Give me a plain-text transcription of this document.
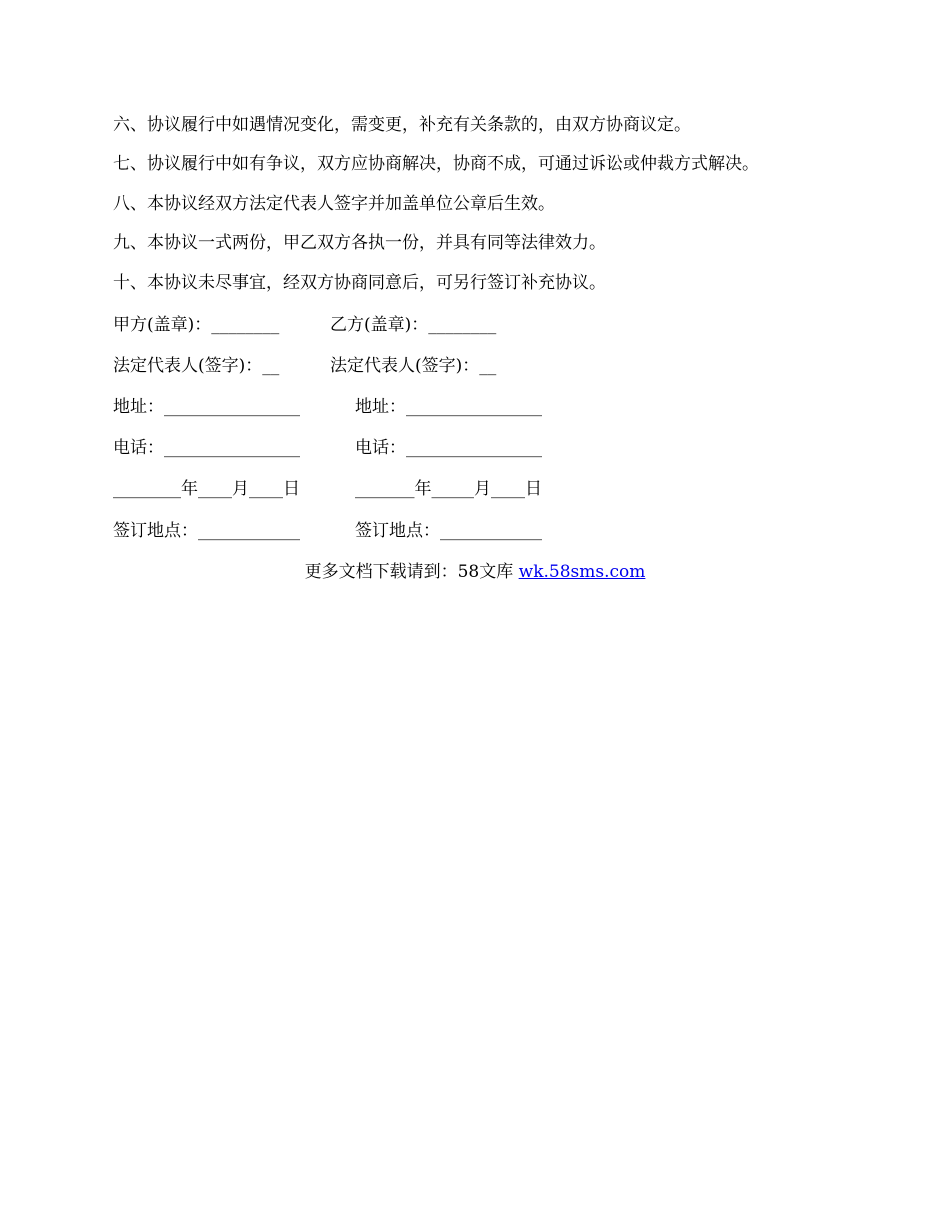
六、协议履行中如遇情况变化，需变更，补充有关条款的，由双方协商议定。
七、协议履行中如有争议，双方应协商解决，协商不成，可通过诉讼或仲裁方式解决。
八、本协议经双方法定代表人签字并加盖单位公章后生效。
九、本协议一式两份，甲乙双方各执一份，并具有同等法律效力。
十、本协议未尽事宜，经双方协商同意后，可另行签订补充协议。
甲方(盖章)：________	乙方(盖章)：________
法定代表人(签字)：__	法定代表人(签字)：__
地址：________________	地址：________________
电话：________________	电话：________________
________年____月____日	_______年_____月____日
签订地点：____________	签订地点：____________
更多文档下载请到：58文库 wk.58sms.com
